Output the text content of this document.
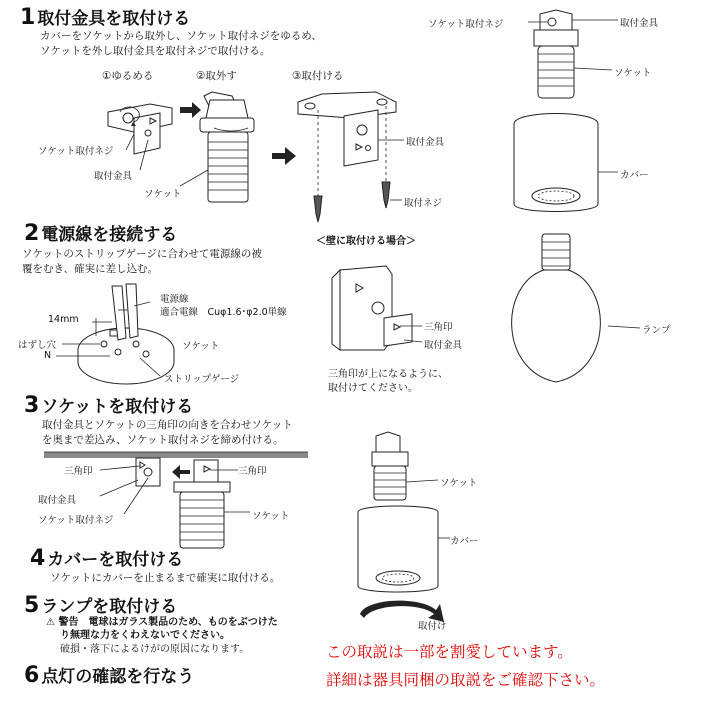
1 取付金具を取付ける
カバーをソケットから取外し、ソケット取付ネジをゆるめ、
ソケットを外し取付金具を取付ネジで取付ける。
①ゆるめる	②取外す	③取付ける
ソケット取付ネジ
取付金具
ソケット
取付金具
取付ネジ
＜壁に取付ける場合＞
2 電源線を接続する
ソケットのストリップゲージに合わせて電源線の被
覆をむき、確実に差し込む。
電源線
適合電線　Cuφ1.6･φ2.0単線
14mm
はずし穴
N
ソケット
ストリップゲージ
三角印
取付金具
三角印が上になるように、
取付けてください。
3 ソケットを取付ける
取付金具とソケットの三角印の向きを合わせソケット
を奥まで差込み、ソケット取付ネジを締め付ける。
三角印	三角印
取付金具
ソケット取付ネジ	ソケット
4 カバーを取付ける
ソケットにカバーを止まるまで確実に取付ける。
ソケット
カバー
5 ランプを取付ける
⚠ 警告　電球はガラス製品のため、ものをぶつけた
り無理な力をくわえないでください。
破損・落下によるけがの原因になります。
取付け
6 点灯の確認を行なう
ソケット取付ネジ	取付金具
ソケット
カバー
ランプ
この取説は一部を割愛しています。
詳細は器具同梱の取説をご確認下さい。
